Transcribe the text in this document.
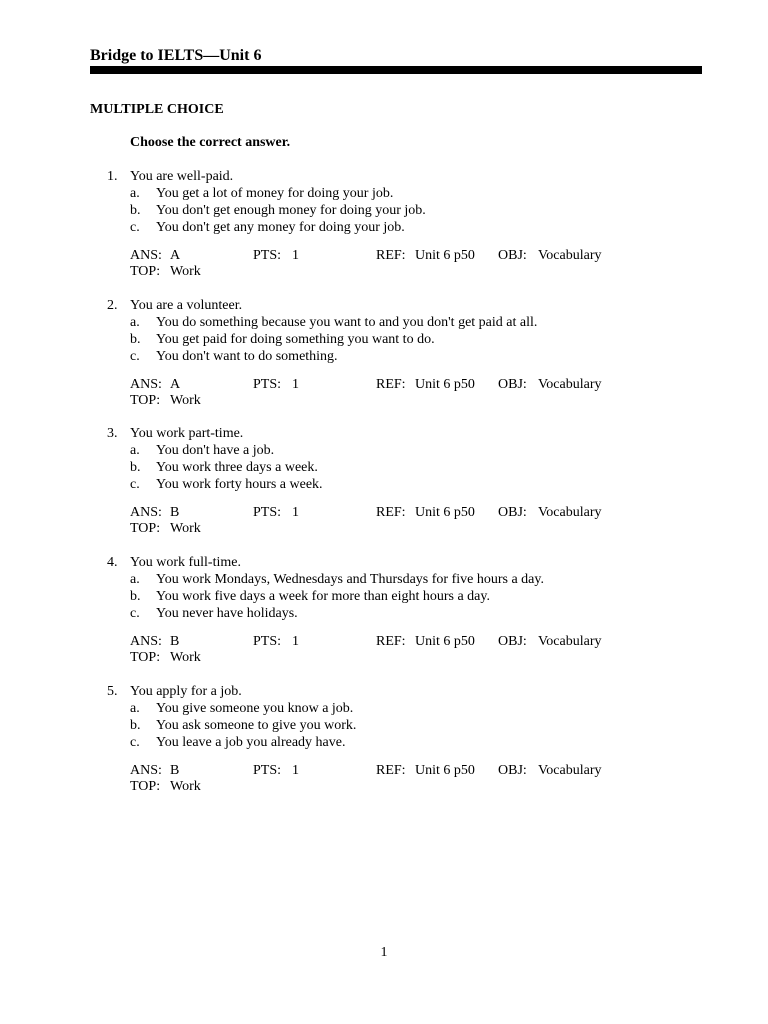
Bridge to IELTS—Unit 6
MULTIPLE CHOICE
Choose the correct answer.
1. You are well-paid.
a. You get a lot of money for doing your job.
b. You don't get enough money for doing your job.
c. You don't get any money for doing your job.
ANS: A	PTS: 1	REF: Unit 6 p50 OBJ: Vocabulary
TOP: Work
2. You are a volunteer.
a. You do something because you want to and you don't get paid at all.
b. You get paid for doing something you want to do.
c. You don't want to do something.
ANS: A	PTS: 1	REF: Unit 6 p50 OBJ: Vocabulary
TOP: Work
3. You work part-time.
a. You don't have a job.
b. You work three days a week.
c. You work forty hours a week.
ANS: B	PTS: 1	REF: Unit 6 p50 OBJ: Vocabulary
TOP: Work
4. You work full-time.
a. You work Mondays, Wednesdays and Thursdays for five hours a day.
b. You work five days a week for more than eight hours a day.
c. You never have holidays.
ANS: B	PTS: 1	REF: Unit 6 p50 OBJ: Vocabulary
TOP: Work
5. You apply for a job.
a. You give someone you know a job.
b. You ask someone to give you work.
c. You leave a job you already have.
ANS: B	PTS: 1	REF: Unit 6 p50 OBJ: Vocabulary
TOP: Work
1
